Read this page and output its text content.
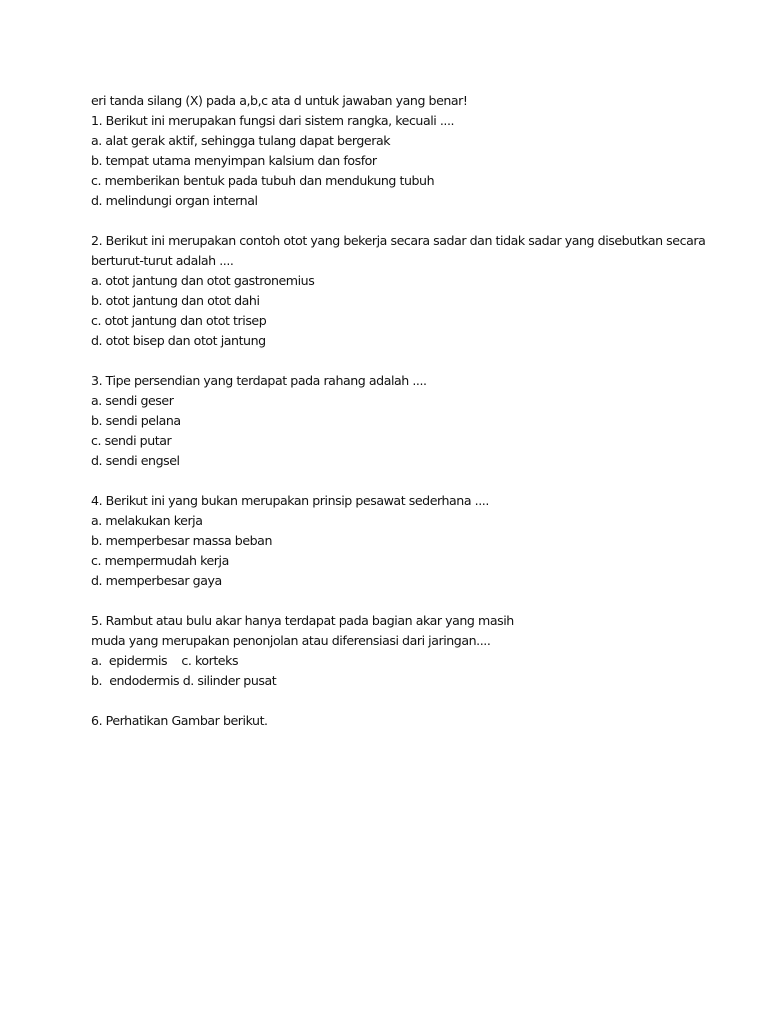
eri tanda silang (X) pada a,b,c ata d untuk jawaban yang benar!
1. Berikut ini merupakan fungsi dari sistem rangka, kecuali ....
a. alat gerak aktif, sehingga tulang dapat bergerak
b. tempat utama menyimpan kalsium dan fosfor
c. memberikan bentuk pada tubuh dan mendukung tubuh
d. melindungi organ internal
2. Berikut ini merupakan contoh otot yang bekerja secara sadar dan tidak sadar yang disebutkan secara
berturut-turut adalah ....
a. otot jantung dan otot gastronemius
b. otot jantung dan otot dahi
c. otot jantung dan otot trisep
d. otot bisep dan otot jantung
3. Tipe persendian yang terdapat pada rahang adalah ....
a. sendi geser
b. sendi pelana
c. sendi putar
d. sendi engsel
4. Berikut ini yang bukan merupakan prinsip pesawat sederhana ....
a. melakukan kerja
b. memperbesar massa beban
c. mempermudah kerja
d. memperbesar gaya
5. Rambut atau bulu akar hanya terdapat pada bagian akar yang masih
muda yang merupakan penonjolan atau diferensiasi dari jaringan....
a.  epidermis    c. korteks
b.  endodermis d. silinder pusat
6. Perhatikan Gambar berikut.
